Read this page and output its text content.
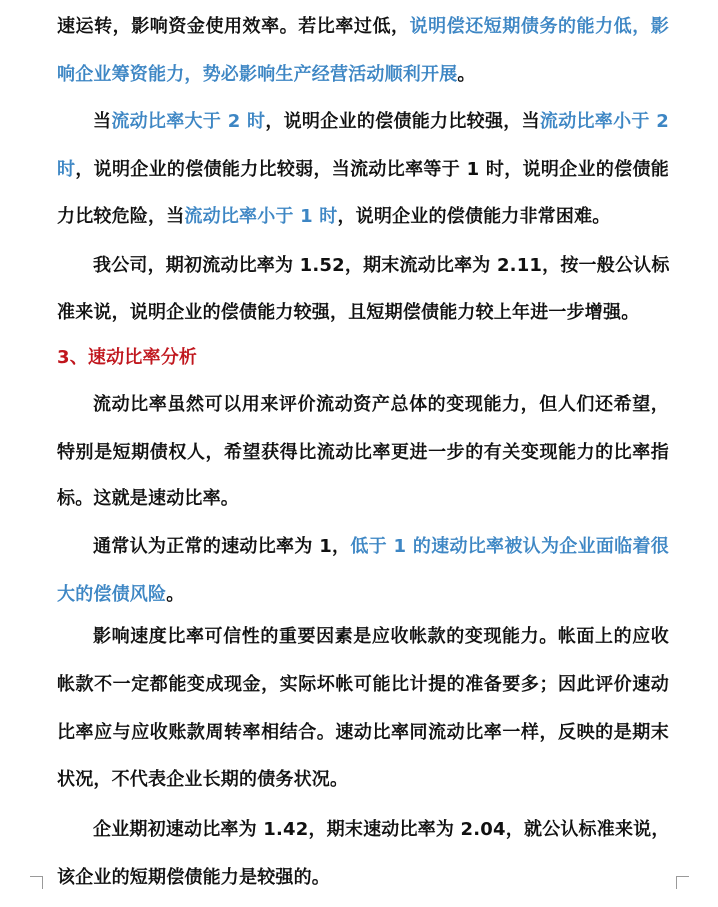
速运转，影响资金使用效率。若比率过低，说明偿还短期债务的能力低，影
响企业筹资能力，势必影响生产经营活动顺利开展。
当流动比率大于 2 时，说明企业的偿债能力比较强，当流动比率小于 2
时，说明企业的偿债能力比较弱，当流动比率等于 1 时，说明企业的偿债能
力比较危险，当流动比率小于 1 时，说明企业的偿债能力非常困难。
我公司，期初流动比率为 1.52，期末流动比率为 2.11，按一般公认标
准来说，说明企业的偿债能力较强，且短期偿债能力较上年进一步增强。
3、速动比率分析
流动比率虽然可以用来评价流动资产总体的变现能力，但人们还希望，
特别是短期债权人，希望获得比流动比率更进一步的有关变现能力的比率指
标。这就是速动比率。
通常认为正常的速动比率为 1，低于 1 的速动比率被认为企业面临着很
大的偿债风险。
影响速度比率可信性的重要因素是应收帐款的变现能力。帐面上的应收
帐款不一定都能变成现金，实际坏帐可能比计提的准备要多；因此评价速动
比率应与应收账款周转率相结合。速动比率同流动比率一样，反映的是期末
状况，不代表企业长期的债务状况。
企业期初速动比率为 1.42，期末速动比率为 2.04，就公认标准来说，
该企业的短期偿债能力是较强的。
